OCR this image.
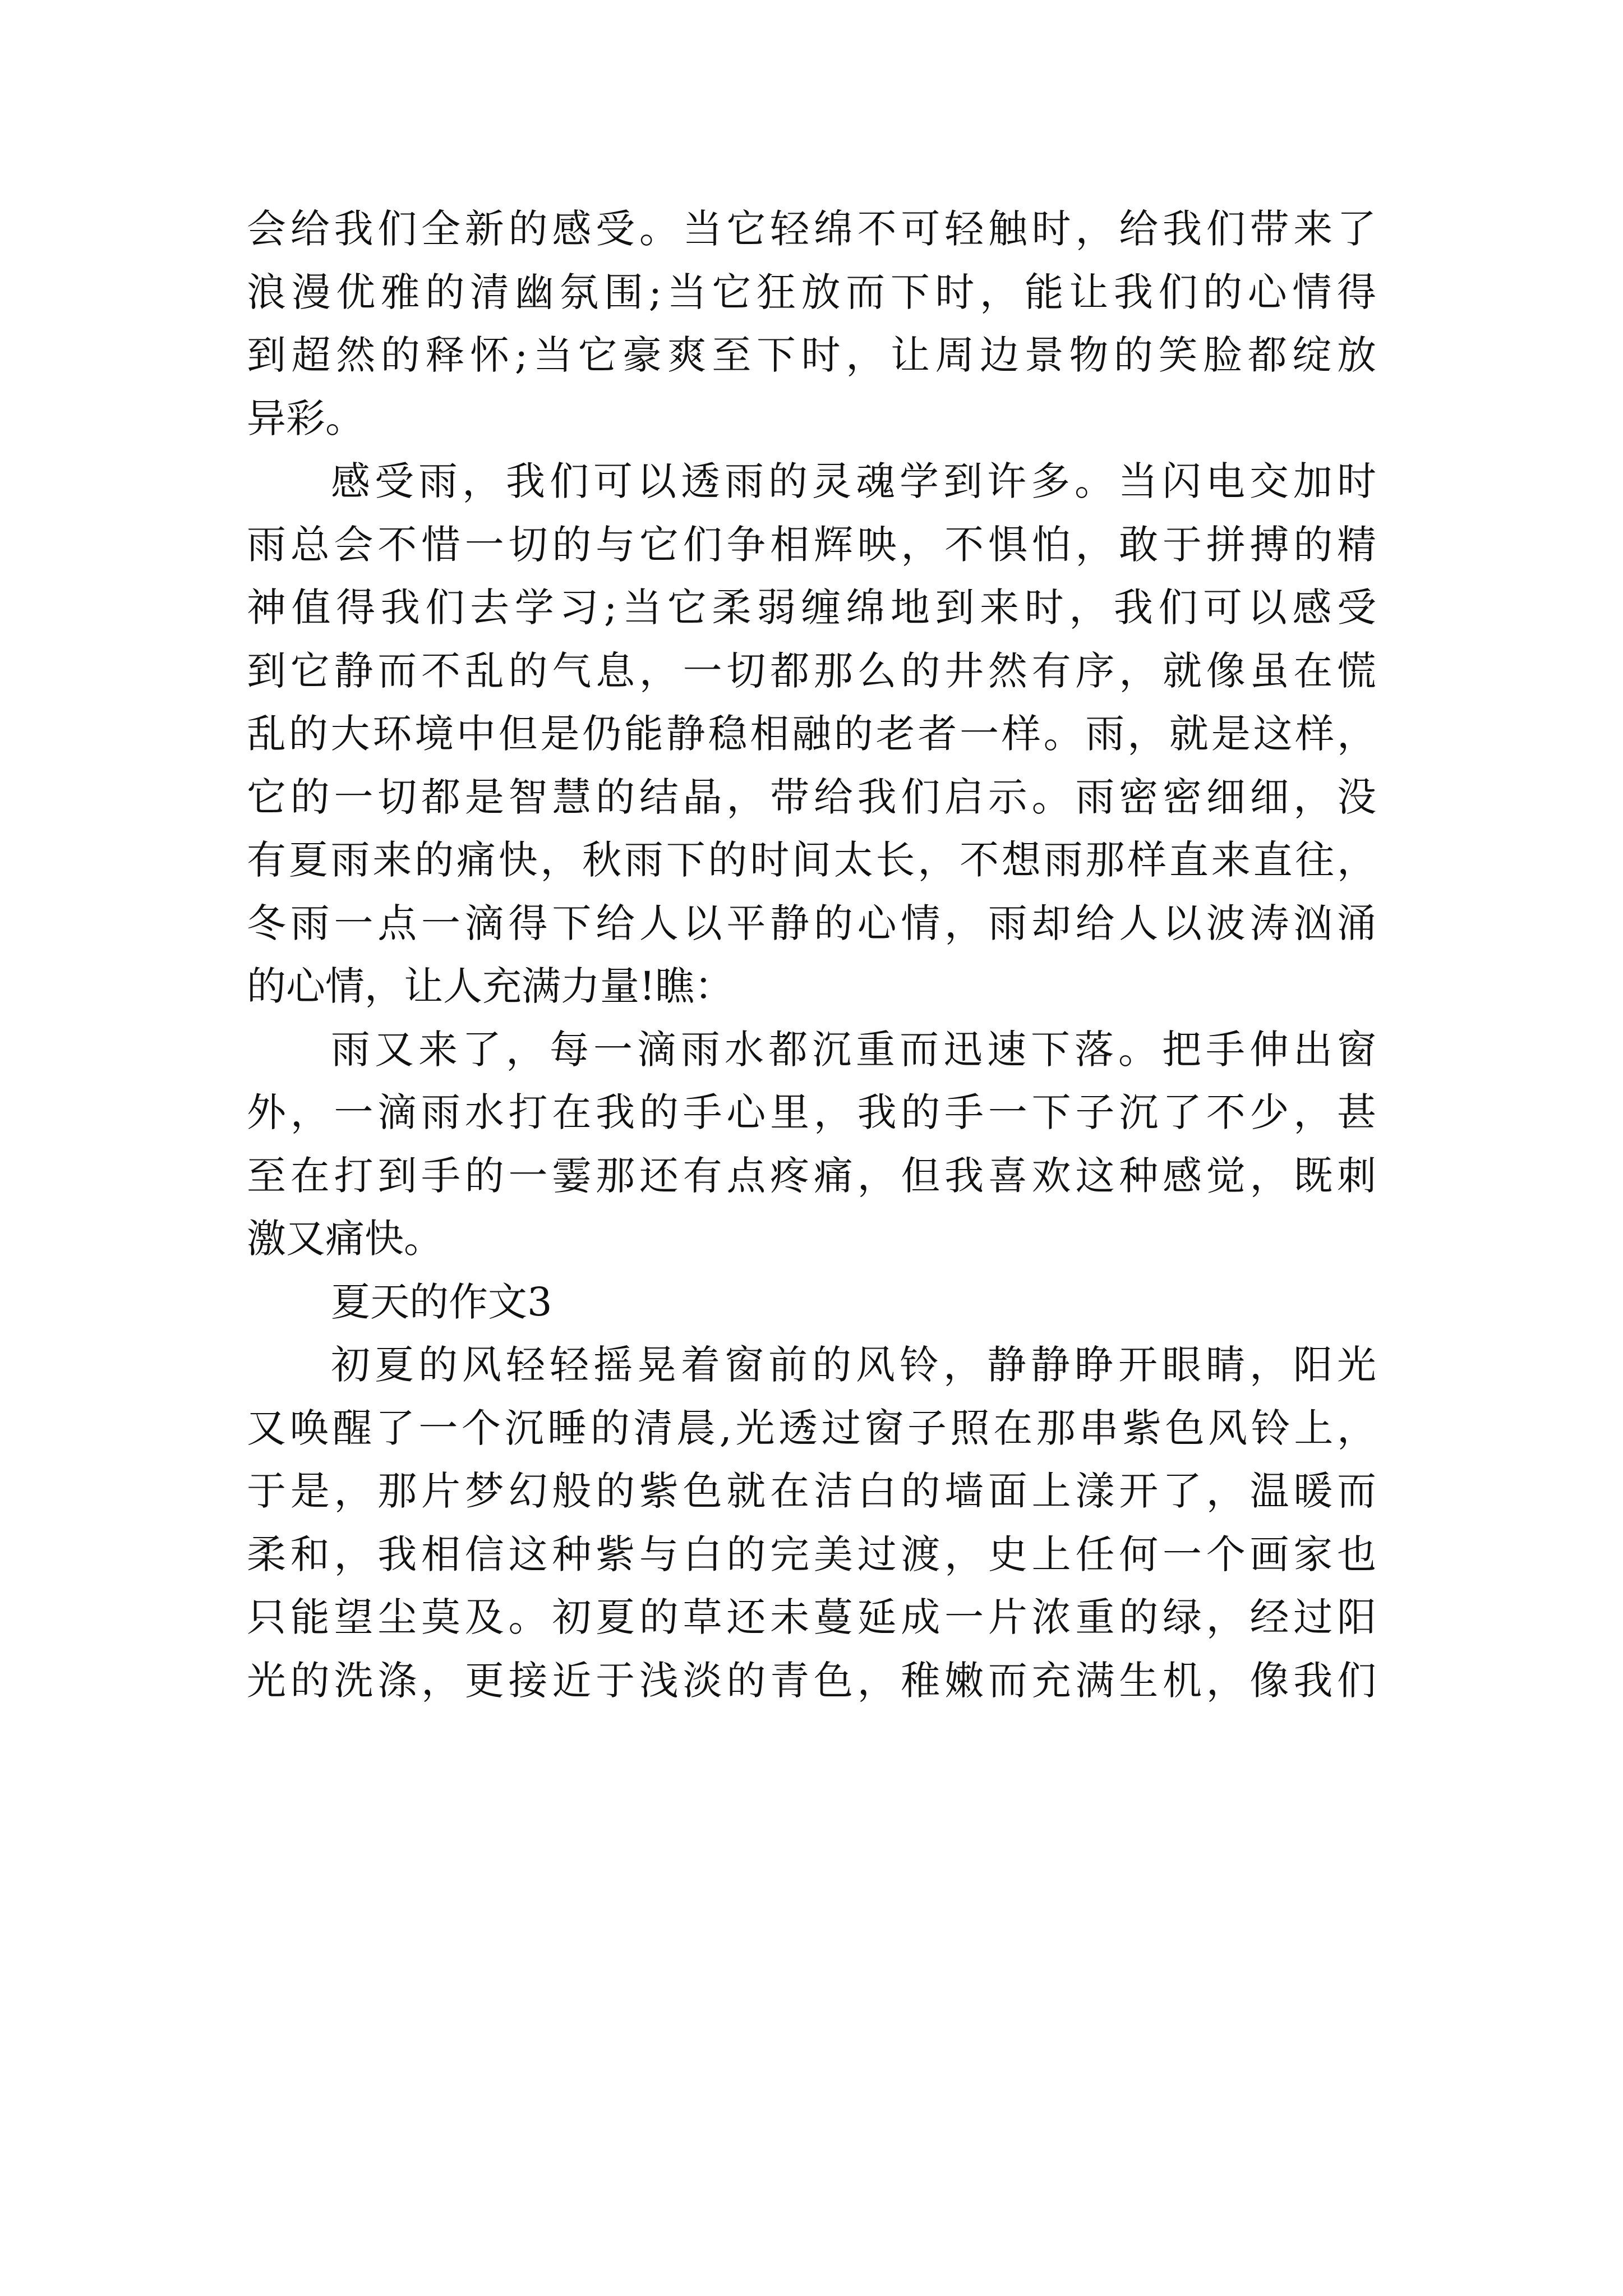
会给我们全新的感受。当它轻绵不可轻触时，给我们带来了
浪漫优雅的清幽氛围;当它狂放而下时，能让我们的心情得
到超然的释怀;当它豪爽至下时，让周边景物的笑脸都绽放
异彩。
感受雨，我们可以透雨的灵魂学到许多。当闪电交加时
雨总会不惜一切的与它们争相辉映，不惧怕，敢于拼搏的精
神值得我们去学习;当它柔弱缠绵地到来时，我们可以感受
到它静而不乱的气息，一切都那么的井然有序，就像虽在慌
乱的大环境中但是仍能静稳相融的老者一样。雨，就是这样，
它的一切都是智慧的结晶，带给我们启示。雨密密细细，没
有夏雨来的痛快，秋雨下的时间太长，不想雨那样直来直往，
冬雨一点一滴得下给人以平静的心情，雨却给人以波涛汹涌
的心情，让人充满力量!瞧：
雨又来了，每一滴雨水都沉重而迅速下落。把手伸出窗
外，一滴雨水打在我的手心里，我的手一下子沉了不少，甚
至在打到手的一霎那还有点疼痛，但我喜欢这种感觉，既刺
激又痛快。
夏天的作文3
初夏的风轻轻摇晃着窗前的风铃，静静睁开眼睛，阳光
又唤醒了一个沉睡的清晨,光透过窗子照在那串紫色风铃上，
于是，那片梦幻般的紫色就在洁白的墙面上漾开了，温暖而
柔和，我相信这种紫与白的完美过渡，史上任何一个画家也
只能望尘莫及。初夏的草还未蔓延成一片浓重的绿，经过阳
光的洗涤，更接近于浅淡的青色，稚嫩而充满生机，像我们
